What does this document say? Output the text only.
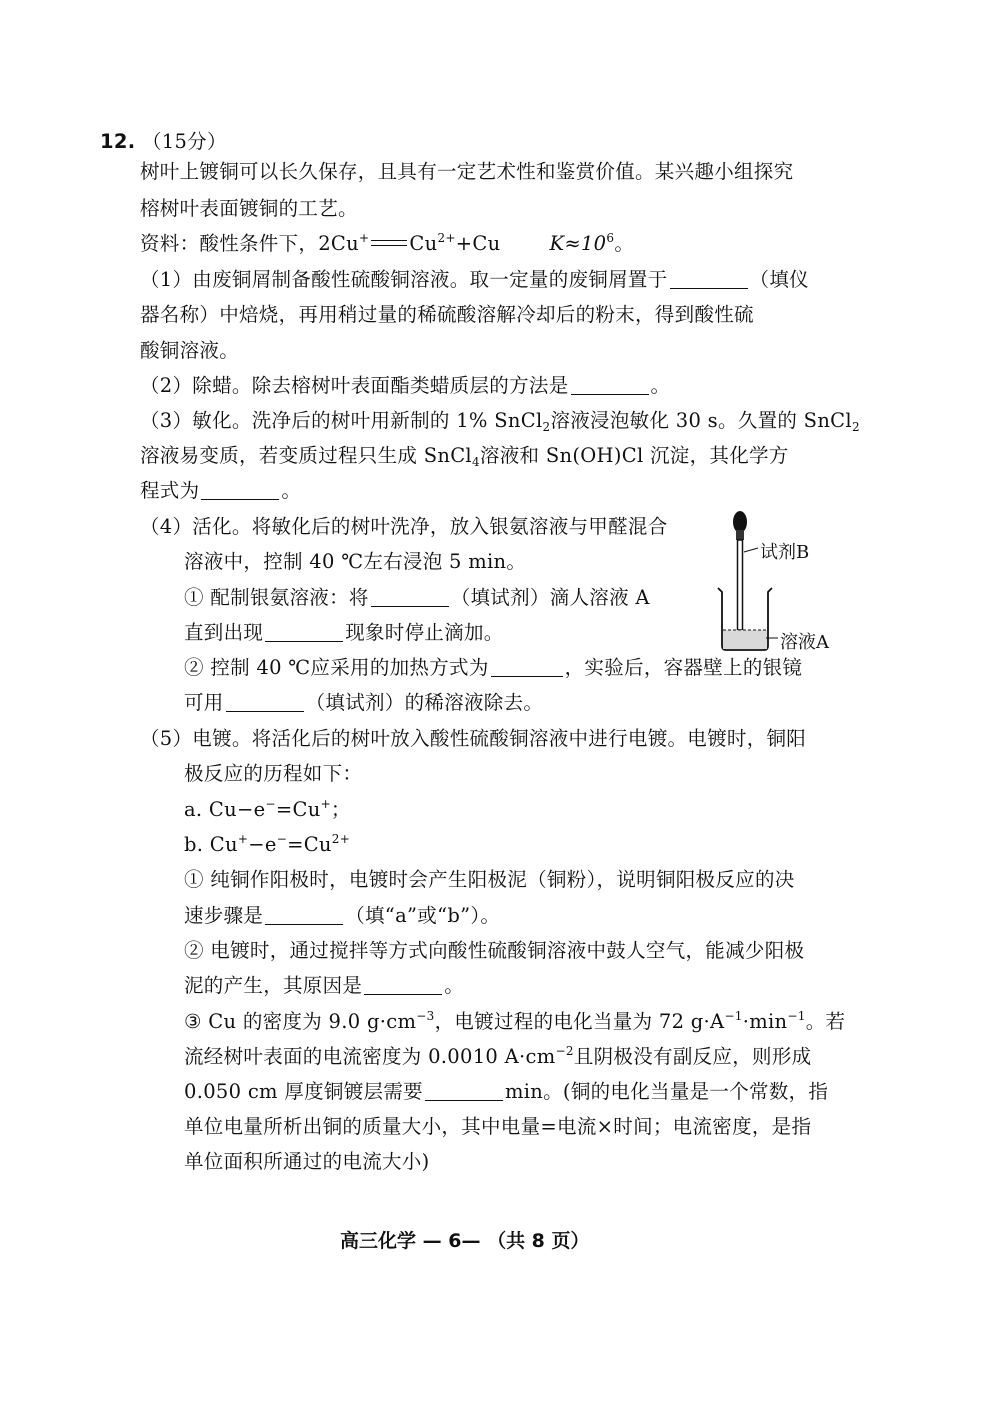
12. （15分）
树叶上镀铜可以长久保存，且具有一定艺术性和鉴赏价值。某兴趣小组探究
榕树叶表面镀铜的工艺。
资料：酸性条件下，2Cu+ $Cu^{2+}+Cu$	$K\approx 10^6$。
（1）由废铜屑制备酸性硫酸铜溶液。取一定量的废铜屑置于	（填仪
器名称）中焙烧，再用稍过量的稀硫酸溶解冷却后的粉末，得到酸性硫
酸铜溶液。
（2）除蜡。除去榕树叶表面酯类蜡质层的方法是	。
（3）敏化。洗净后的树叶用新制的 1% SnCl$_2$溶液浸泡敏化 30 s。久置的 SnCl$_2$
溶液易变质，若变质过程只生成 SnCl$_4$溶液和 Sn(OH)Cl 沉淀，其化学方
程式为	。
（4）活化。将敏化后的树叶洗净，放入银氨溶液与甲醛混合
溶液中，控制 40 ℃左右浸泡 5 min。
① 配制银氨溶液：将	（填试剂）滴人溶液 A
直到出现	现象时停止滴加。
② 控制 40 ℃应采用的加热方式为	，实验后，容器壁上的银镜
可用	（填试剂）的稀溶液除去。
（5）电镀。将活化后的树叶放入酸性硫酸铜溶液中进行电镀。电镀时，铜阳
极反应的历程如下：
a. Cu−e−=Cu+；
b. $Cu^+-e^-=Cu^{2+}$
① 纯铜作阳极时，电镀时会产生阳极泥（铜粉），说明铜阳极反应的决
速步骤是	（填“a”或“b”）。
② 电镀时，通过搅拌等方式向酸性硫酸铜溶液中鼓人空气，能减少阳极
泥的产生，其原因是	。
③ Cu 的密度为 9.0 $g\cdot cm^{-3}$，电镀过程的电化当量为 72 $g\cdot A^{-1}\cdot\min^{-1}$。若
流经树叶表面的电流密度为 0.0010 $A\cdot cm^{-2}$且阴极没有副反应，则形成
0.050 cm 厚度铜镀层需要	min。(铜的电化当量是一个常数，指
单位电量所析出铜的质量大小，其中电量=电流×时间；电流密度，是指
单位面积所通过的电流大小)
试剂B
溶液A
高三化学 — 6— （共 8 页）
